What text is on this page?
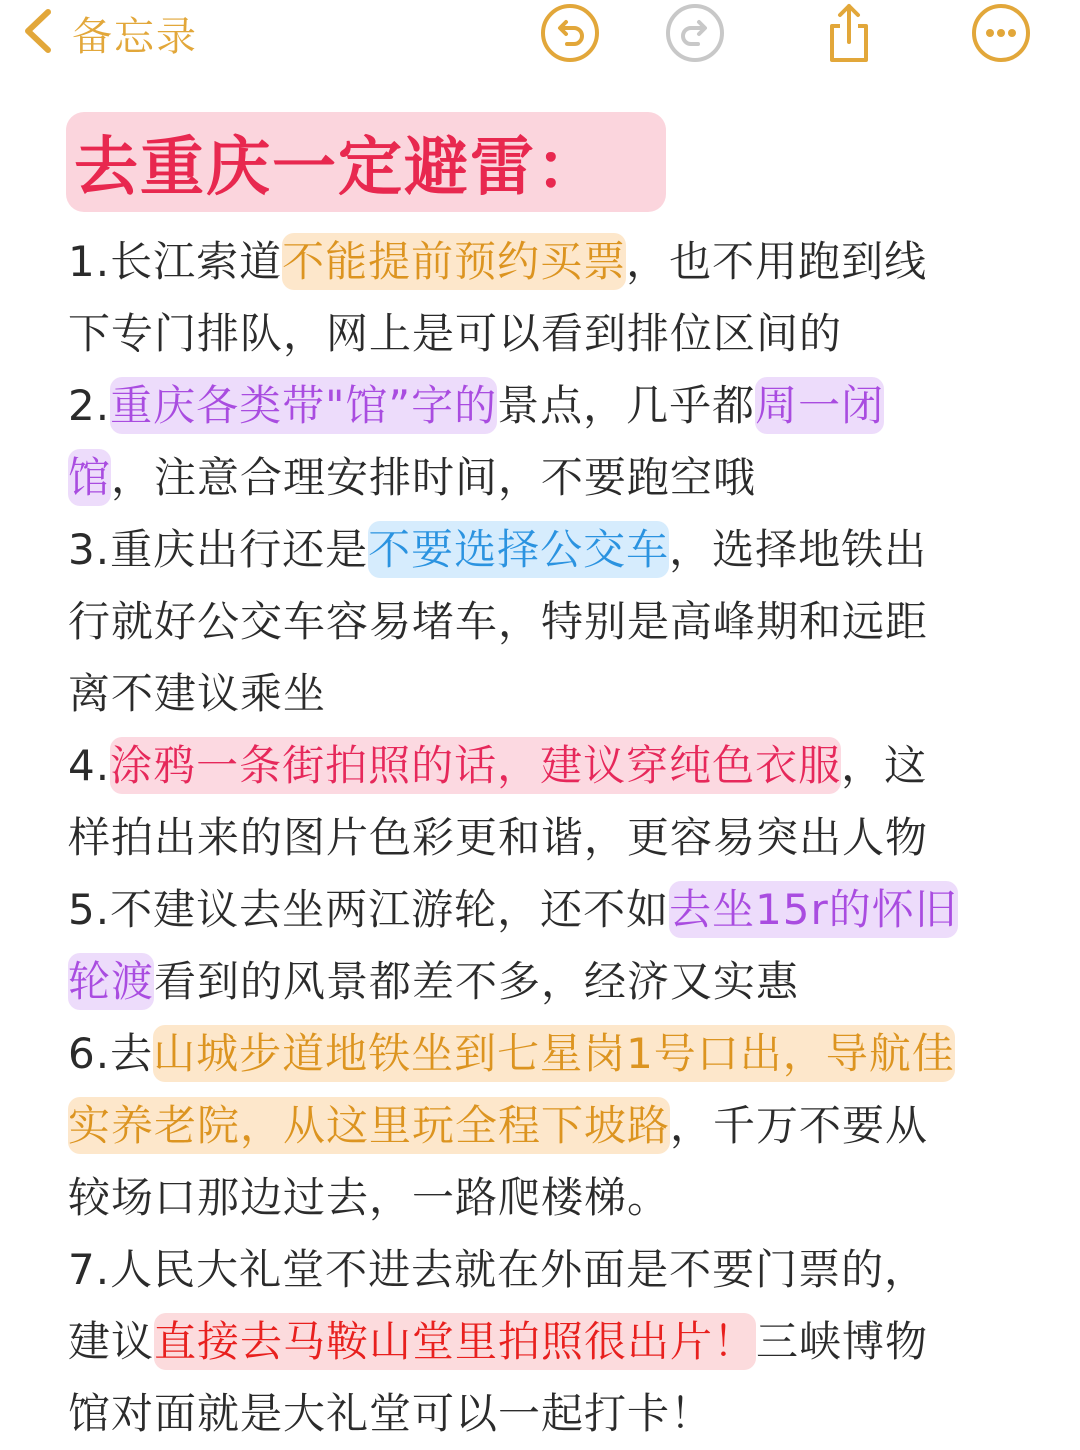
备忘录
去重庆一定避雷：
1.长江索道不能提前预约买票，也不用跑到线
下专门排队，网上是可以看到排位区间的
2.重庆各类带"馆”字的景点，几乎都周一闭
馆，注意合理安排时间，不要跑空哦
3.重庆出行还是不要选择公交车，选择地铁出
行就好公交车容易堵车，特别是高峰期和远距
离不建议乘坐
4.涂鸦一条街拍照的话，建议穿纯色衣服，这
样拍出来的图片色彩更和谐，更容易突出人物
5.不建议去坐两江游轮，还不如去坐15r的怀旧
轮渡看到的风景都差不多，经济又实惠
6.去山城步道地铁坐到七星岗1号口出，导航佳
实养老院，从这里玩全程下坡路，千万不要从
较场口那边过去，一路爬楼梯。
7.人民大礼堂不进去就在外面是不要门票的，
建议直接去马鞍山堂里拍照很出片！三峡博物
馆对面就是大礼堂可以一起打卡！
